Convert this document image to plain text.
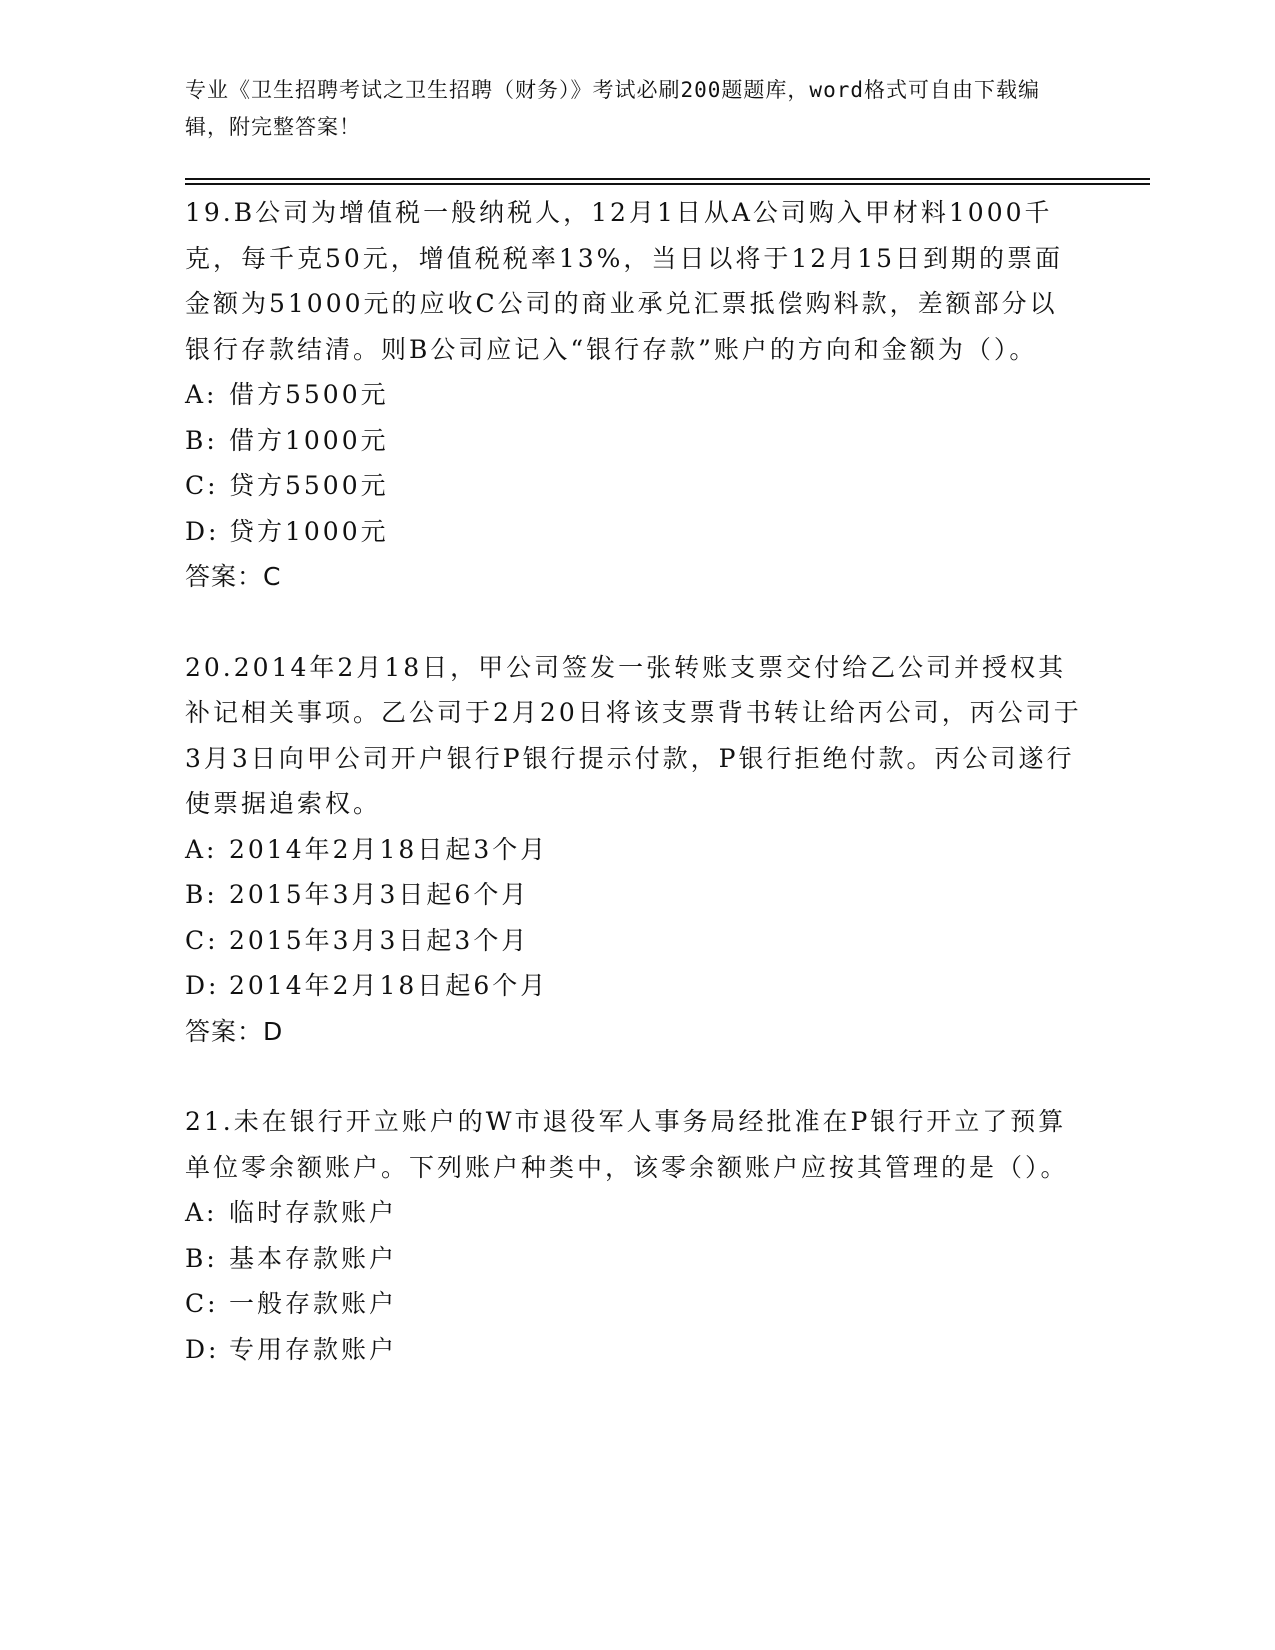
专业《卫生招聘考试之卫生招聘（财务）》考试必刷200题题库，word格式可自由下载编辑，附完整答案！

19.B公司为增值税一般纳税人，12月1日从A公司购入甲材料1000千克，每千克50元，增值税税率13%，当日以将于12月15日到期的票面金额为51000元的应收C公司的商业承兑汇票抵偿购料款，差额部分以银行存款结清。则B公司应记入“银行存款”账户的方向和金额为（）。

A: 借方5500元

B: 借方1000元

C: 贷方5500元

D: 贷方1000元

答案：C

20.2014年2月18日，甲公司签发一张转账支票交付给乙公司并授权其补记相关事项。乙公司于2月20日将该支票背书转让给丙公司，丙公司于3月3日向甲公司开户银行P银行提示付款，P银行拒绝付款。丙公司遂行使票据追索权。

A: 2014年2月18日起3个月

B: 2015年3月3日起6个月

C: 2015年3月3日起3个月

D: 2014年2月18日起6个月

答案：D

21.未在银行开立账户的W市退役军人事务局经批准在P银行开立了预算单位零余额账户。下列账户种类中，该零余额账户应按其管理的是（）。

A: 临时存款账户

B: 基本存款账户

C: 一般存款账户

D: 专用存款账户
